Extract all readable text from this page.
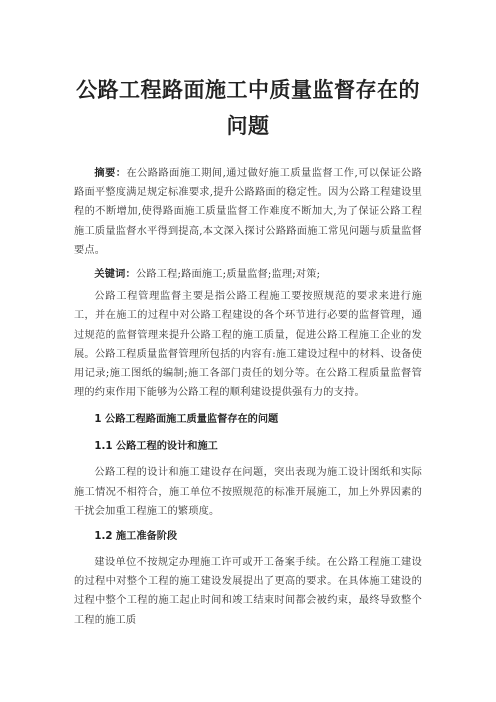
公路工程路面施工中质量监督存在的问题

摘要：在公路路面施工期间,通过做好施工质量监督工作,可以保证公路路面平整度满足规定标准要求,提升公路路面的稳定性。因为公路工程建设里程的不断增加,使得路面施工质量监督工作难度不断加大,为了保证公路工程施工质量监督水平得到提高,本文深入探讨公路路面施工常见问题与质量监督要点。

关键词：公路工程;路面施工;质量监督;监理;对策;

公路工程管理监督主要是指公路工程施工要按照规范的要求来进行施工，并在施工的过程中对公路工程建设的各个环节进行必要的监督管理，通过规范的监督管理来提升公路工程的施工质量，促进公路工程施工企业的发展。公路工程质量监督管理所包括的内容有:施工建设过程中的材料、设备使用记录;施工图纸的编制;施工各部门责任的划分等。在公路工程质量监督管理的约束作用下能够为公路工程的顺利建设提供强有力的支持。

1 公路工程路面施工质量监督存在的问题
1.1 公路工程的设计和施工

公路工程的设计和施工建设存在问题，突出表现为施工设计图纸和实际施工情况不相符合，施工单位不按照规范的标准开展施工，加上外界因素的干扰会加重工程施工的繁琐度。

1.2 施工准备阶段

建设单位不按规定办理施工许可或开工备案手续。在公路工程施工建设的过程中对整个工程的施工建设发展提出了更高的要求。在具体施工建设的过程中整个工程的施工起止时间和竣工结束时间都会被约束，最终导致整个工程的施工质
